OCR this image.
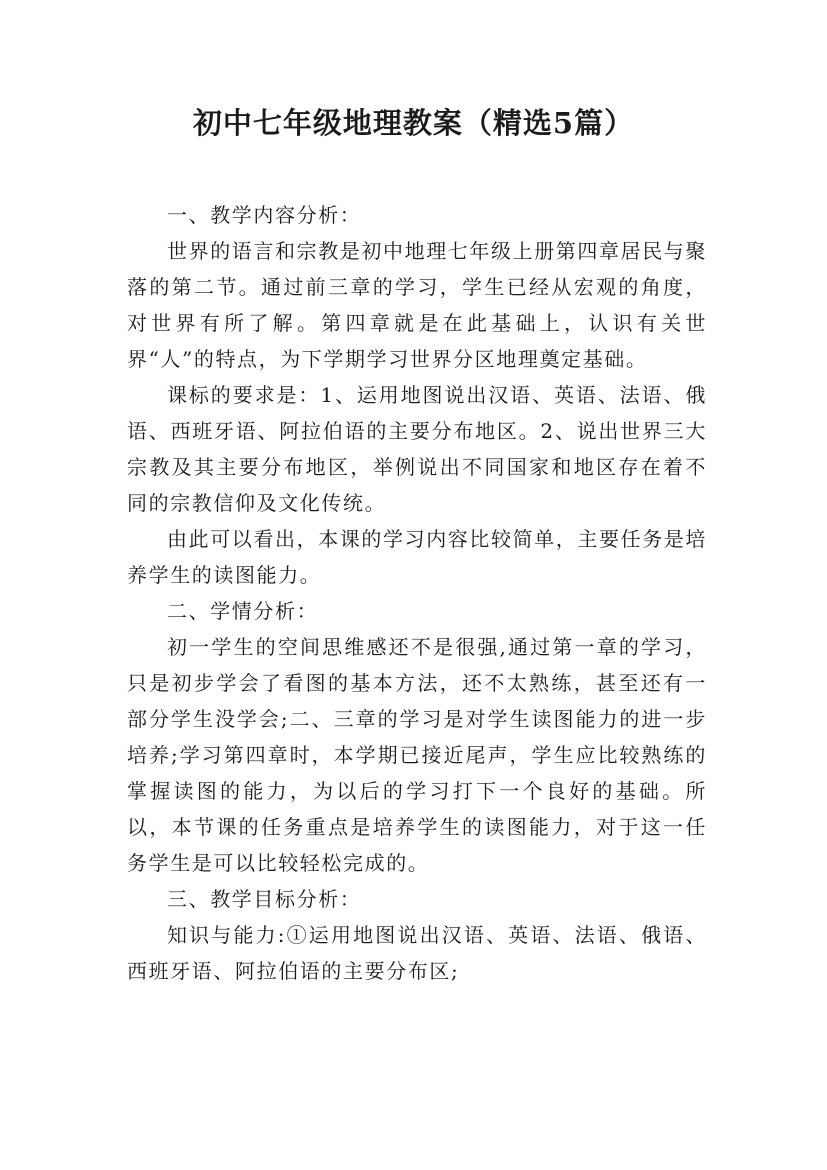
初中七年级地理教案（精选5篇）

一、教学内容分析：

世界的语言和宗教是初中地理七年级上册第四章居民与聚落的第二节。通过前三章的学习，学生已经从宏观的角度，对世界有所了解。第四章就是在此基础上，认识有关世界“人”的特点，为下学期学习世界分区地理奠定基础。

课标的要求是：1、运用地图说出汉语、英语、法语、俄语、西班牙语、阿拉伯语的主要分布地区。2、说出世界三大宗教及其主要分布地区，举例说出不同国家和地区存在着不同的宗教信仰及文化传统。

由此可以看出，本课的学习内容比较简单，主要任务是培养学生的读图能力。

二、学情分析：

初一学生的空间思维感还不是很强,通过第一章的学习，只是初步学会了看图的基本方法，还不太熟练，甚至还有一部分学生没学会;二、三章的学习是对学生读图能力的进一步培养;学习第四章时，本学期已接近尾声，学生应比较熟练的掌握读图的能力，为以后的学习打下一个良好的基础。所以，本节课的任务重点是培养学生的读图能力，对于这一任务学生是可以比较轻松完成的。

三、教学目标分析：

知识与能力:①运用地图说出汉语、英语、法语、俄语、西班牙语、阿拉伯语的主要分布区;
